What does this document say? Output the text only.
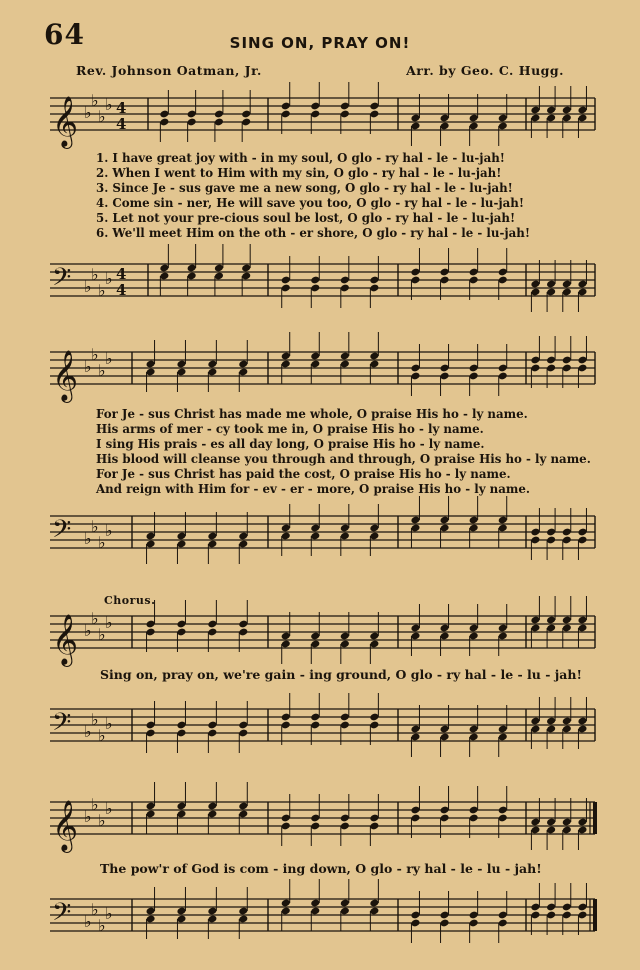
64	SING ON, PRAY ON!
Rev. Johnson Oatman, Jr.	Arr. by Geo. C. Hugg.
𝄞 ♭
♭
♭
♭ 4
4
1. I have great joy with - in my soul, O glo - ry hal - le - lu-jah!
2. When I went to Him with my sin, O glo - ry hal - le - lu-jah!
3. Since Je - sus gave me a new song, O glo - ry hal - le - lu-jah!
4. Come sin - ner, He will save you too, O glo - ry hal - le - lu-jah!
5. Let not your pre-cious soul be lost, O glo - ry hal - le - lu-jah!
6. We'll meet Him on the oth - er shore, O glo - ry hal - le - lu-jah!
𝄢 ♭
♭
♭
♭ 4
4
𝄞 ♭
♭
♭
♭
For Je - sus Christ has made me whole, O praise His ho - ly name.
His arms of mer - cy took me in, O praise His ho - ly name.
I sing His prais - es all day long, O praise His ho - ly name.
His blood will cleanse you through and through, O praise His ho - ly name.
For Je - sus Christ has paid the cost, O praise His ho - ly name.
And reign with Him for - ev - er - more, O praise His ho - ly name.
𝄢 ♭
♭
♭
♭
Chorus.
𝄞 ♭
♭
♭
♭
Sing on, pray on, we're gain - ing ground, O glo - ry hal - le - lu - jah!
𝄢 ♭
♭
♭
♭
𝄞 ♭
♭
♭
♭
The pow'r of God is com - ing down, O glo - ry hal - le - lu - jah!
𝄢 ♭
♭
♭
♭
